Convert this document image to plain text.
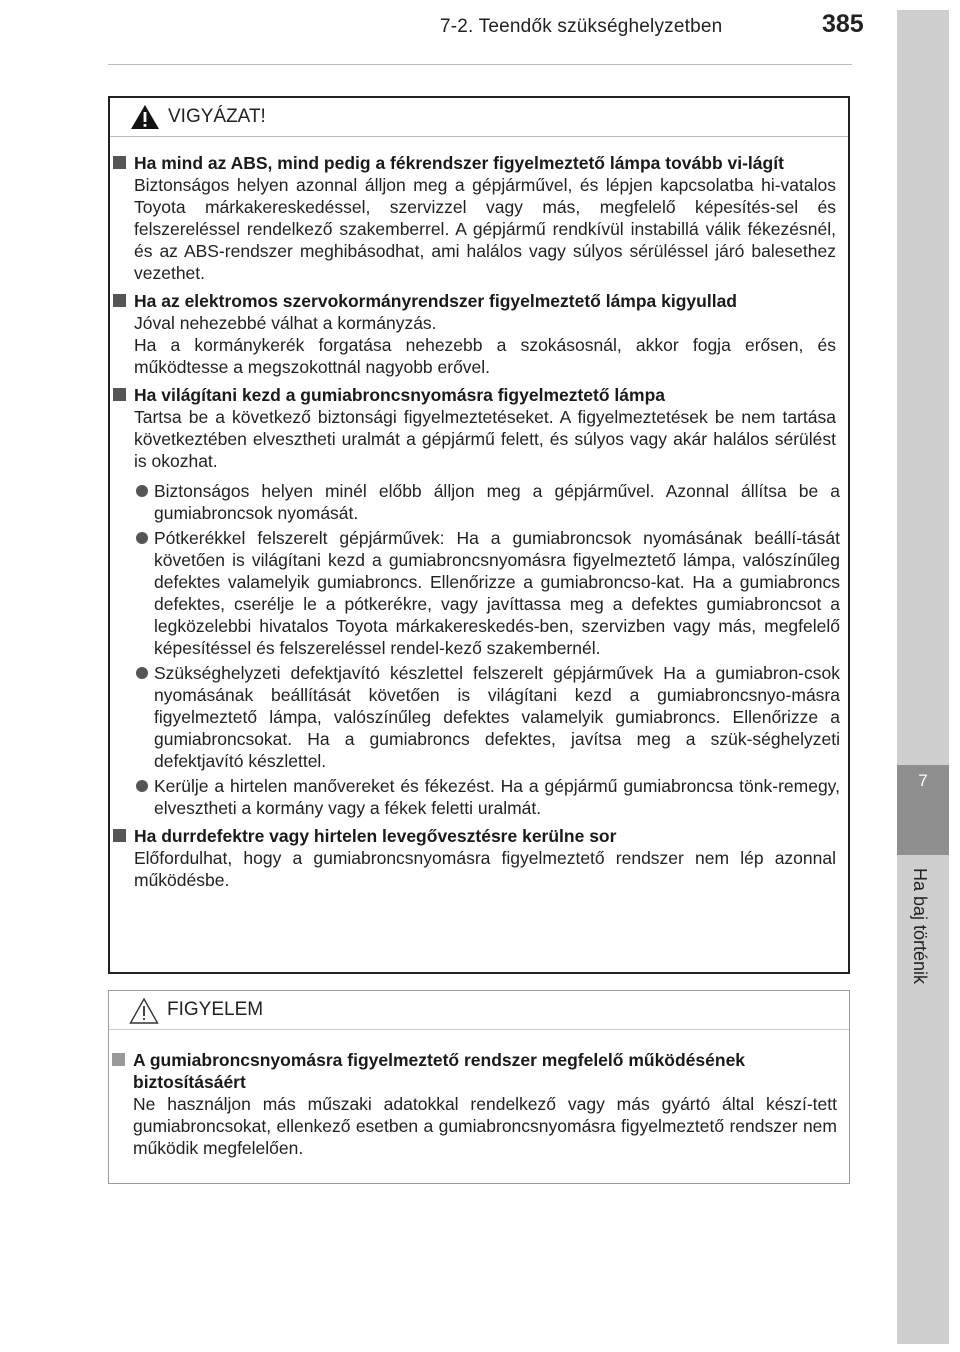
7-2. Teendők szükséghelyzetben	385
7
Ha baj történik
VIGYÁZAT!
Ha mind az ABS, mind pedig a fékrendszer figyelmeztető lámpa tovább vi-lágít
Biztonságos helyen azonnal álljon meg a gépjárművel, és lépjen kapcsolatba hi-vatalos Toyota márkakereskedéssel, szervizzel vagy más, megfelelő képesítés-sel és felszereléssel rendelkező szakemberrel. A gépjármű rendkívül instabillá válik fékezésnél, és az ABS-rendszer meghibásodhat, ami halálos vagy súlyos sérüléssel járó balesethez vezethet.
Ha az elektromos szervokormányrendszer figyelmeztető lámpa kigyullad
Jóval nehezebbé válhat a kormányzás.
Ha a kormánykerék forgatása nehezebb a szokásosnál, akkor fogja erősen, és működtesse a megszokottnál nagyobb erővel.
Ha világítani kezd a gumiabroncsnyomásra figyelmeztető lámpa
Tartsa be a következő biztonsági figyelmeztetéseket. A figyelmeztetések be nem tartása következtében elvesztheti uralmát a gépjármű felett, és súlyos vagy akár halálos sérülést is okozhat.
Biztonságos helyen minél előbb álljon meg a gépjárművel. Azonnal állítsa be a gumiabroncsok nyomását.
Pótkerékkel felszerelt gépjárművek: Ha a gumiabroncsok nyomásának beállí-tását követően is világítani kezd a gumiabroncsnyomásra figyelmeztető lámpa, valószínűleg defektes valamelyik gumiabroncs. Ellenőrizze a gumiabroncso-kat. Ha a gumiabroncs defektes, cserélje le a pótkerékre, vagy javíttassa meg a defektes gumiabroncsot a legközelebbi hivatalos Toyota márkakereskedés-ben, szervizben vagy más, megfelelő képesítéssel és felszereléssel rendel-kező szakembernél.
Szükséghelyzeti defektjavító készlettel felszerelt gépjárművek Ha a gumiabron-csok nyomásának beállítását követően is világítani kezd a gumiabroncsnyo-másra figyelmeztető lámpa, valószínűleg defektes valamelyik gumiabroncs. Ellenőrizze a gumiabroncsokat. Ha a gumiabroncs defektes, javítsa meg a szük-séghelyzeti defektjavító készlettel.
Kerülje a hirtelen manővereket és fékezést. Ha a gépjármű gumiabroncsa tönk-remegy, elvesztheti a kormány vagy a fékek feletti uralmát.
Ha durrdefektre vagy hirtelen levegővesztésre kerülne sor
Előfordulhat, hogy a gumiabroncsnyomásra figyelmeztető rendszer nem lép azonnal működésbe.
FIGYELEM
A gumiabroncsnyomásra figyelmeztető rendszer megfelelő működésének biztosításáért
Ne használjon más műszaki adatokkal rendelkező vagy más gyártó által készí-tett gumiabroncsokat, ellenkező esetben a gumiabroncsnyomásra figyelmeztető rendszer nem működik megfelelően.
